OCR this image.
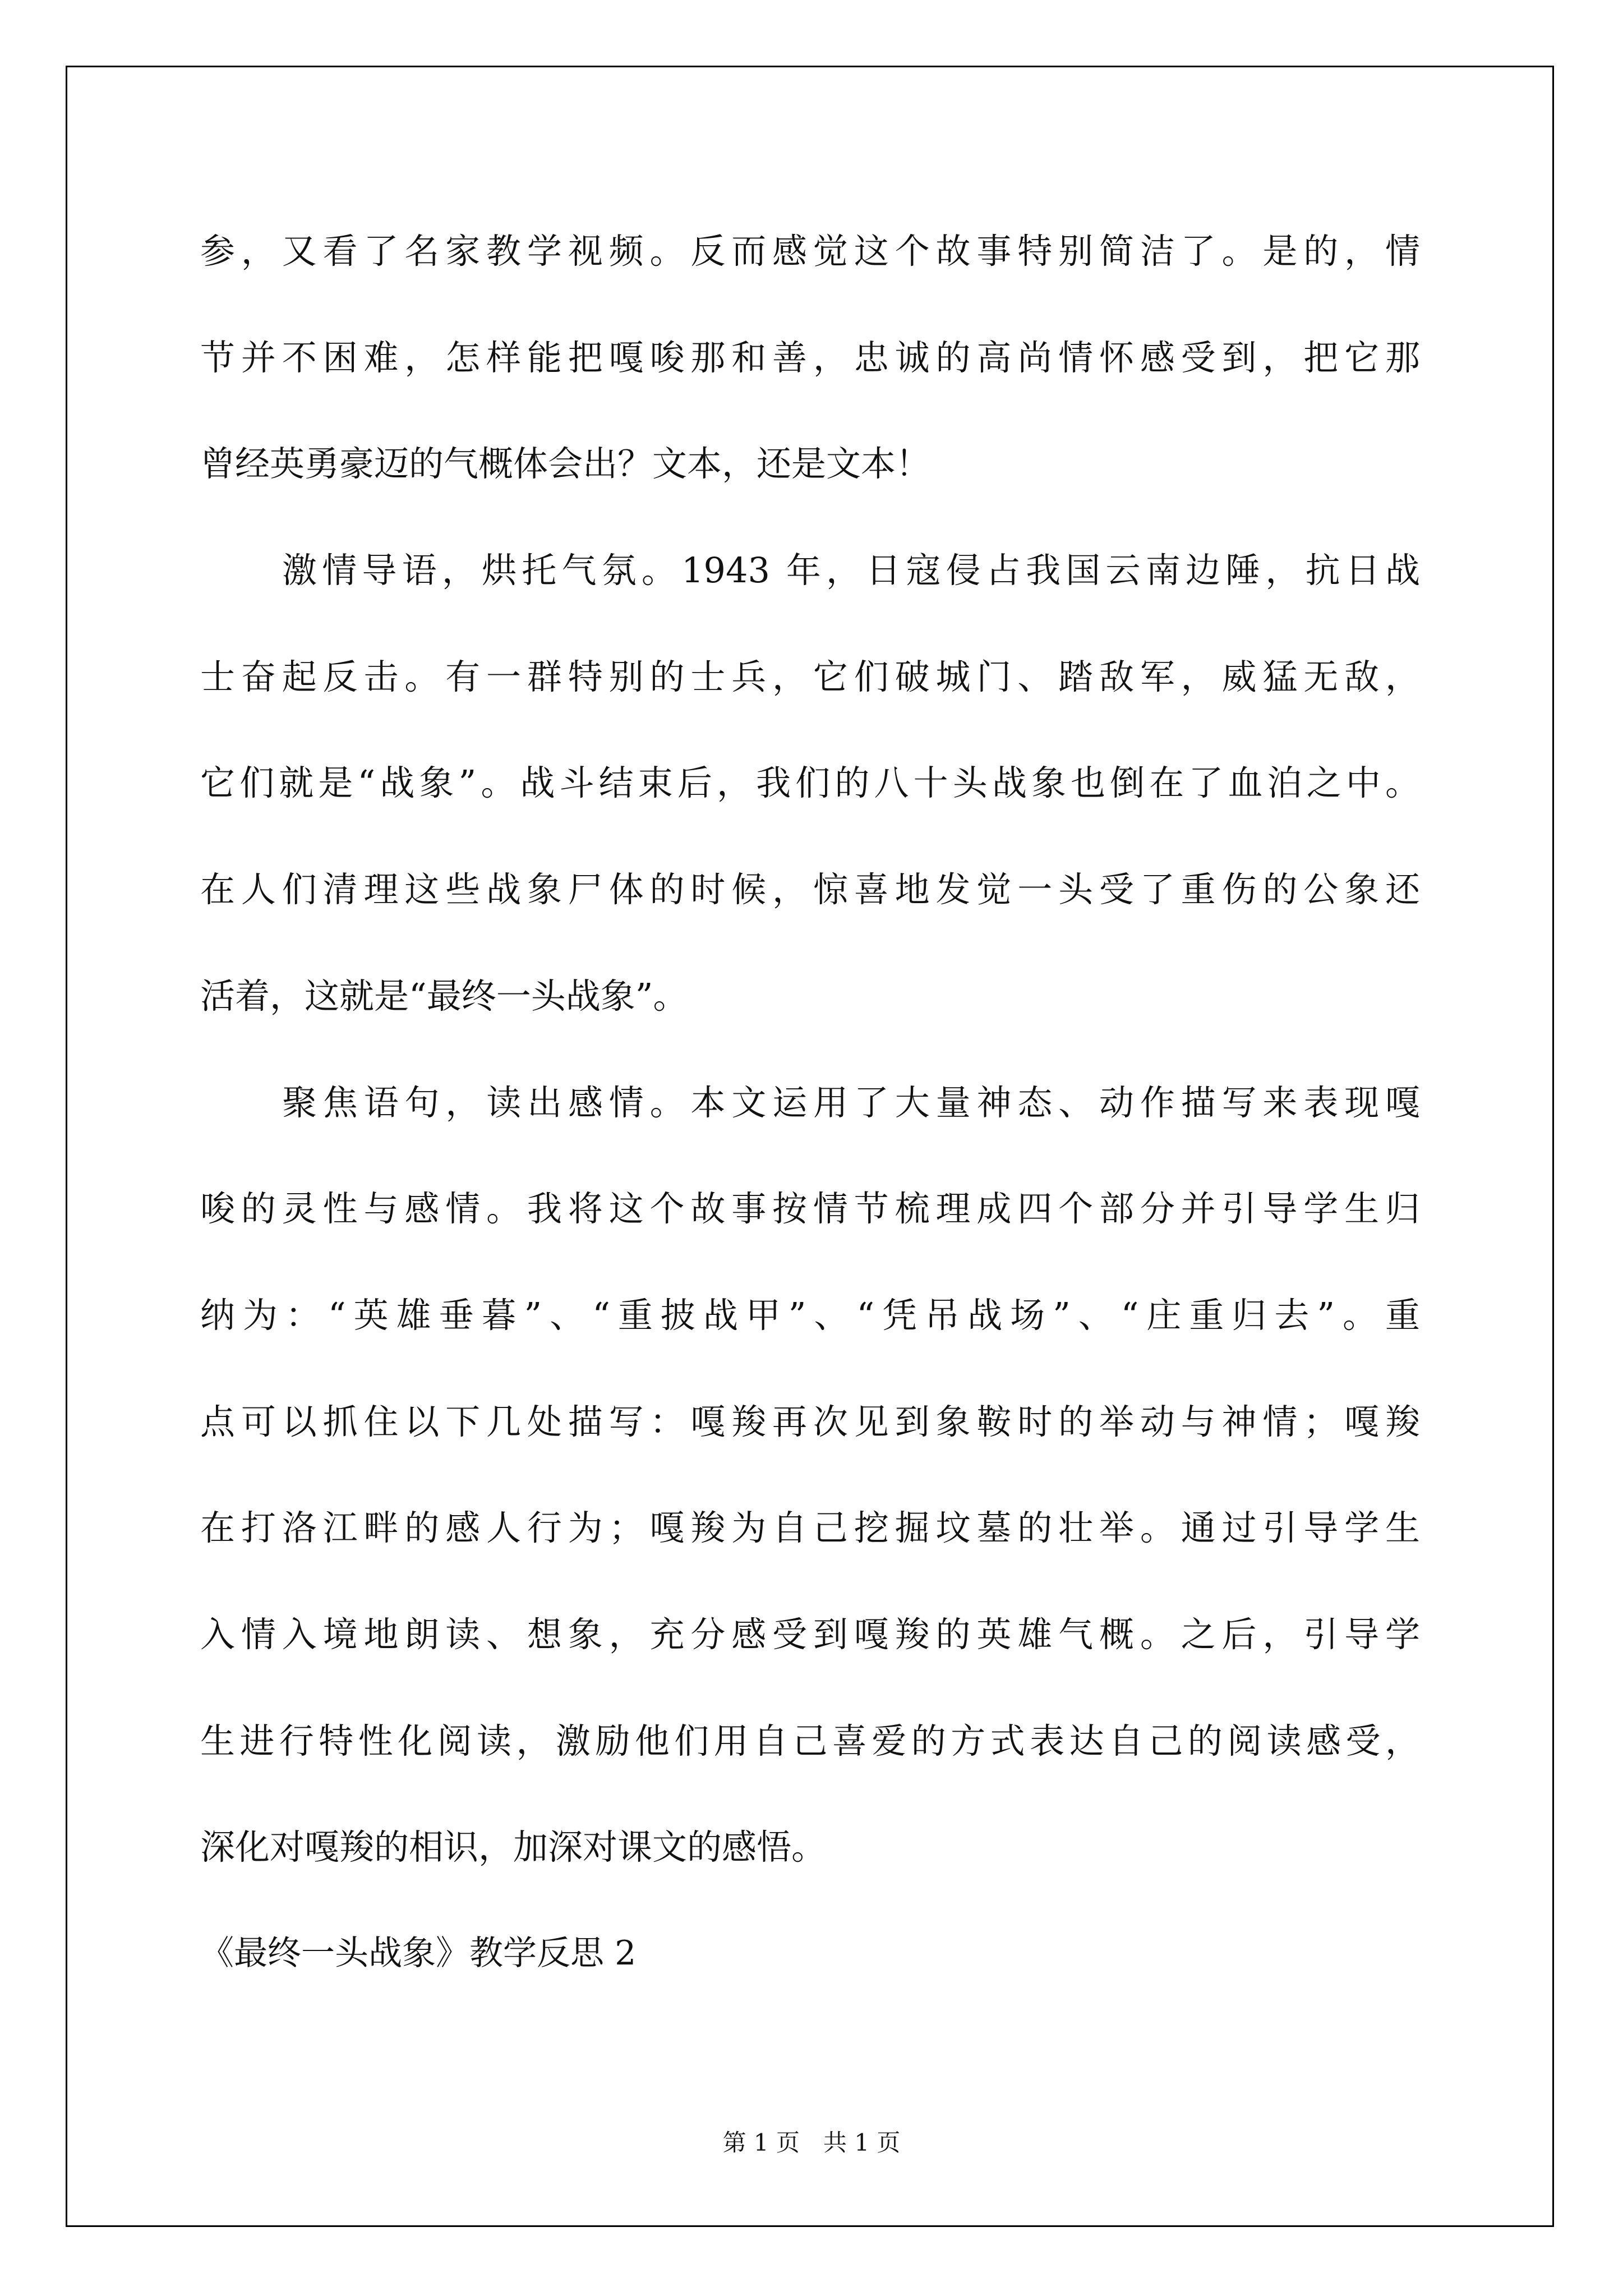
参，又看了名家教学视频。反而感觉这个故事特别简洁了。是的，情
节并不困难，怎样能把嘎唆那和善，忠诚的高尚情怀感受到，把它那
曾经英勇豪迈的气概体会出？文本，还是文本！
激情导语，烘托气氛。1943 年，日寇侵占我国云南边陲，抗日战
士奋起反击。有一群特别的士兵，它们破城门、踏敌军，威猛无敌，
它们就是“战象”。战斗结束后，我们的八十头战象也倒在了血泊之中。
在人们清理这些战象尸体的时候，惊喜地发觉一头受了重伤的公象还
活着，这就是“最终一头战象”。
聚焦语句，读出感情。本文运用了大量神态、动作描写来表现嘎
唆的灵性与感情。我将这个故事按情节梳理成四个部分并引导学生归
纳为：“英雄垂暮”、“重披战甲”、“凭吊战场”、“庄重归去”。重
点可以抓住以下几处描写：嘎羧再次见到象鞍时的举动与神情；嘎羧
在打洛江畔的感人行为；嘎羧为自己挖掘坟墓的壮举。通过引导学生
入情入境地朗读、想象，充分感受到嘎羧的英雄气概。之后，引导学
生进行特性化阅读，激励他们用自己喜爱的方式表达自己的阅读感受，
深化对嘎羧的相识，加深对课文的感悟。
《最终一头战象》教学反思 2
第 1 页　共 1 页
